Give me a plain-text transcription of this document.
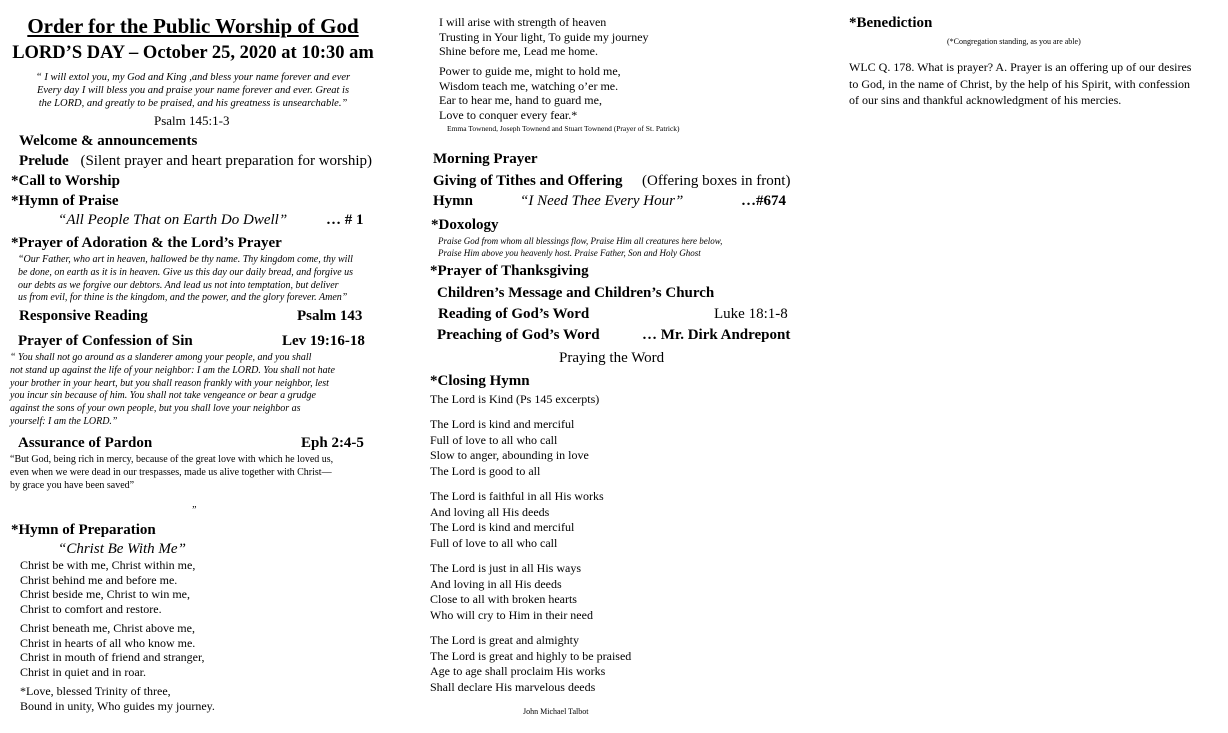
Order for the Public Worship of God
LORD’S DAY – October 25, 2020 at 10:30 am
“ I will extol you, my God and King ,and bless your name forever and ever
Every day I will bless you and praise your name forever and ever. Great is
the LORD, and greatly to be praised, and his greatness is unsearchable.”
Psalm 145:1-3
Welcome & announcements
Prelude (Silent prayer and heart preparation for worship)
*Call to Worship
*Hymn of Praise
“All People That on Earth Do Dwell”	… # 1
*Prayer of Adoration & the Lord’s Prayer
“Our Father, who art in heaven, hallowed be thy name. Thy kingdom come, thy will
be done, on earth as it is in heaven. Give us this day our daily bread, and forgive us
our debts as we forgive our debtors. And lead us not into temptation, but deliver
us from evil, for thine is the kingdom, and the power, and the glory forever. Amen”
Responsive Reading	Psalm 143
Prayer of Confession of Sin	Lev 19:16-18
“ You shall not go around as a slanderer among your people, and you shall
not stand up against the life of your neighbor: I am the LORD. You shall not hate
your brother in your heart, but you shall reason frankly with your neighbor, lest
you incur sin because of him. You shall not take vengeance or bear a grudge
against the sons of your own people, but you shall love your neighbor as
yourself: I am the LORD.”
Assurance of Pardon	Eph 2:4-5
“But God, being rich in mercy, because of the great love with which he loved us,
even when we were dead in our trespasses, made us alive together with Christ—
by grace you have been saved”
”
*Hymn of Preparation
“Christ Be With Me”
Christ be with me, Christ within me,
Christ behind me and before me.
Christ beside me, Christ to win me,
Christ to comfort and restore.
Christ beneath me, Christ above me,
Christ in hearts of all who know me.
Christ in mouth of friend and stranger,
Christ in quiet and in roar.
*Love, blessed Trinity of three,
Bound in unity, Who guides my journey.
I will arise with strength of heaven
Trusting in Your light, To guide my journey
Shine before me, Lead me home.
Power to guide me, might to hold me,
Wisdom teach me, watching o’er me.
Ear to hear me, hand to guard me,
Love to conquer every fear.*
Emma Townend, Joseph Townend and Stuart Townend (Prayer of St. Patrick)
Morning Prayer
Giving of Tithes and Offering (Offering boxes in front)
Hymn	“I Need Thee Every Hour”	…#674
*Doxology
Praise God from whom all blessings flow, Praise Him all creatures here below,
Praise Him above you heavenly host. Praise Father, Son and Holy Ghost
*Prayer of Thanksgiving
Children’s Message and Children’s Church
Reading of God’s Word	Luke 18:1-8
Preaching of God’s Word	… Mr. Dirk Andrepont
Praying the Word
*Closing Hymn
The Lord is Kind (Ps 145 excerpts)
The Lord is kind and merciful
Full of love to all who call
Slow to anger, abounding in love
The Lord is good to all
The Lord is faithful in all His works
And loving all His deeds
The Lord is kind and merciful
Full of love to all who call
The Lord is just in all His ways
And loving in all His deeds
Close to all with broken hearts
Who will cry to Him in their need
The Lord is great and almighty
The Lord is great and highly to be praised
Age to age shall proclaim His works
Shall declare His marvelous deeds
John Michael Talbot
*Benediction
(*Congregation standing, as you are able)
WLC Q. 178. What is prayer? A. Prayer is an offering up of our desires
to God, in the name of Christ, by the help of his Spirit, with confession
of our sins and thankful acknowledgment of his mercies.
